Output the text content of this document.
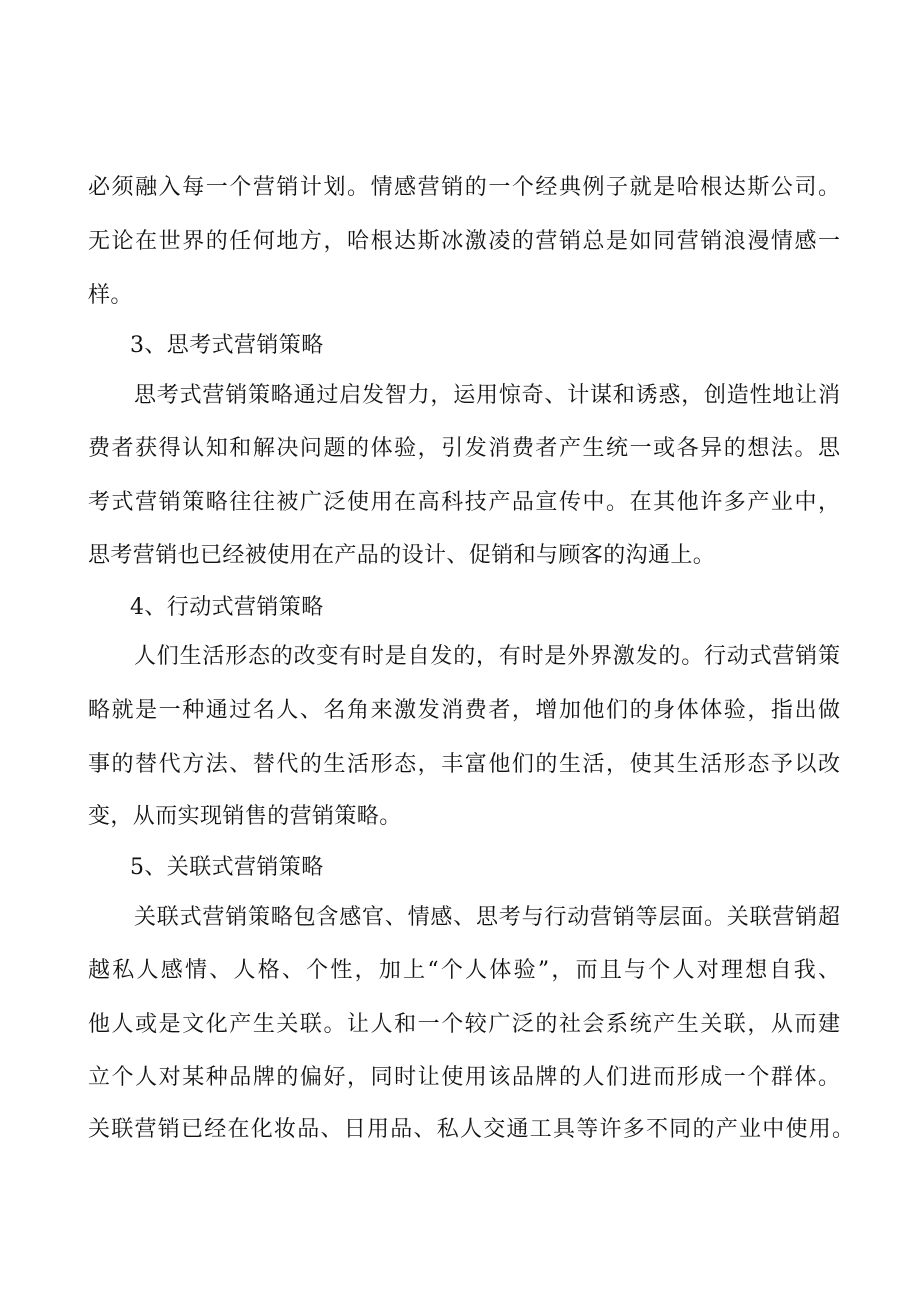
必须融入每一个营销计划。情感营销的一个经典例子就是哈根达斯公司。
无论在世界的任何地方，哈根达斯冰激凌的营销总是如同营销浪漫情感一
样。
3、思考式营销策略
思考式营销策略通过启发智力，运用惊奇、计谋和诱惑，创造性地让消
费者获得认知和解决问题的体验，引发消费者产生统一或各异的想法。思
考式营销策略往往被广泛使用在高科技产品宣传中。在其他许多产业中，
思考营销也已经被使用在产品的设计、促销和与顾客的沟通上。
4、行动式营销策略
人们生活形态的改变有时是自发的，有时是外界激发的。行动式营销策
略就是一种通过名人、名角来激发消费者，增加他们的身体体验，指出做
事的替代方法、替代的生活形态，丰富他们的生活，使其生活形态予以改
变，从而实现销售的营销策略。
5、关联式营销策略
关联式营销策略包含感官、情感、思考与行动营销等层面。关联营销超
越私人感情、人格、个性，加上“个人体验”，而且与个人对理想自我、
他人或是文化产生关联。让人和一个较广泛的社会系统产生关联，从而建
立个人对某种品牌的偏好，同时让使用该品牌的人们进而形成一个群体。
关联营销已经在化妆品、日用品、私人交通工具等许多不同的产业中使用。
